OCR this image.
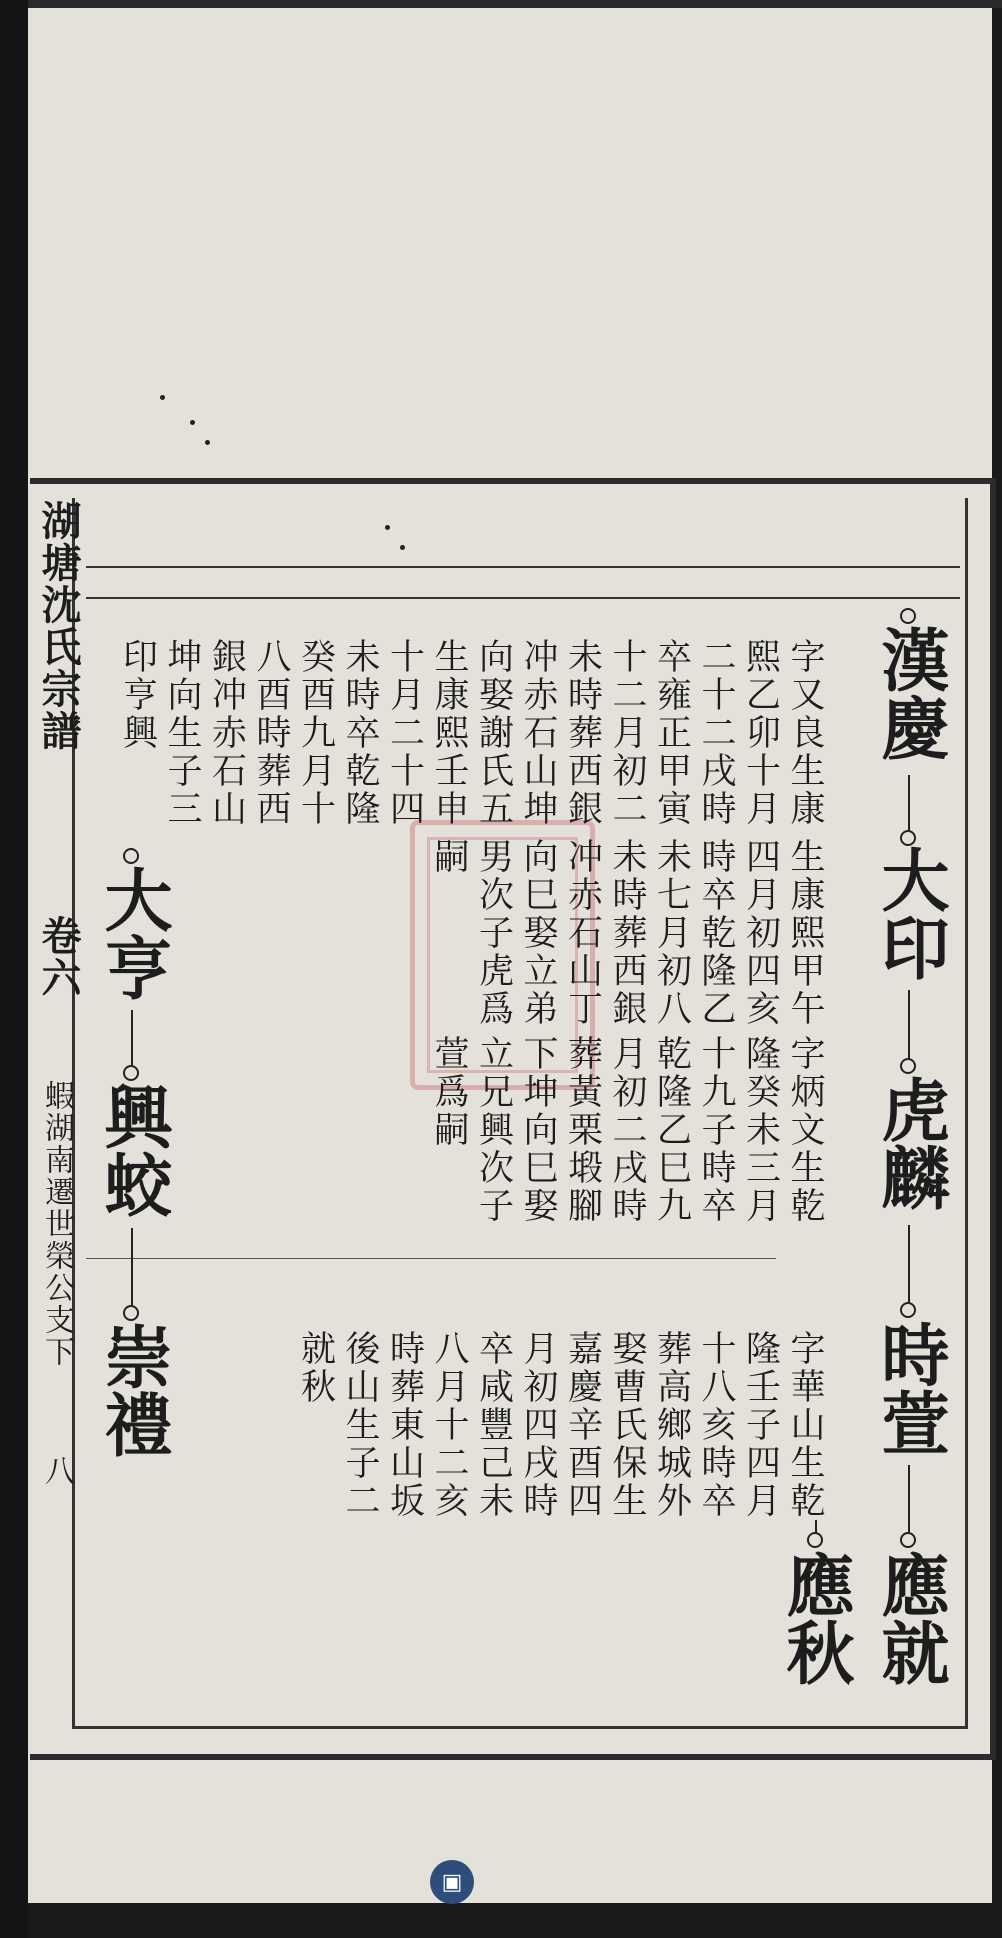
湖塘沈氏宗譜
卷六
蝦湖南遷世榮公支下
八
漢慶
大印
虎麟
時萱
應就
應秋
字又良生康
熙乙卯十月
二十二戌時
卒雍正甲寅
十二月初二
未時葬西銀
冲赤石山坤
向娶謝氏五
生康熙壬申
十月二十四
未時卒乾隆
癸酉九月十
八酉時葬西
銀冲赤石山
坤向生子三
印亨興
生康熙甲午
四月初四亥
時卒乾隆乙
未七月初八
未時葬西銀
冲赤石山丁
向巳娶立弟
男次子虎爲
嗣
字炳文生乾
隆癸未三月
十九子時卒
乾隆乙巳九
月初二戌時
葬黃栗塅腳
下坤向巳娶
立兄興次子
萱爲嗣
字華山生乾
隆壬子四月
十八亥時卒
葬高鄉城外
娶曹氏保生
嘉慶辛酉四
月初四戌時
卒咸豐己未
八月十二亥
時葬東山坂
後山生子二
就秋
大亨
興蛟
崇禮
▣
